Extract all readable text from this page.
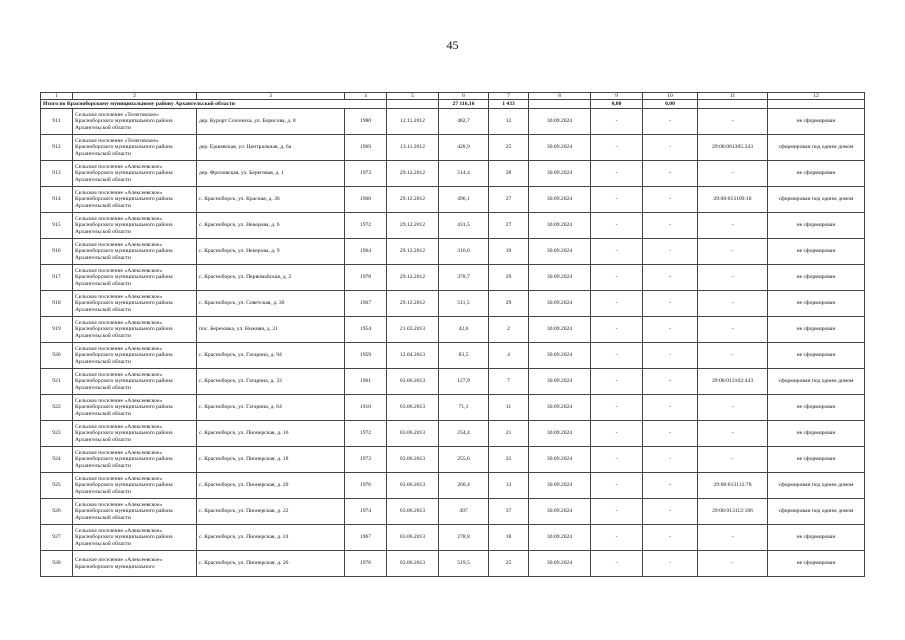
45
1	2	3	4	5	6	7	8	9	10	11	12
Итого по Красноборскому муниципальному району Архангельской области					27 116,16	1 433		0,00	0,00		
911	Сельское поселение «Телеговское» Красноборского муниципального района Архангельской области	дер. Курорт Солониха, ул. Борисова, д. 8	1980	12.11.2012	482,7	12	30.09.2024	-	-	-	не сформирован
912	Сельское поселение «Телеговское» Красноборского муниципального района Архангельской области	дер. Ершевская, ул. Центральная, д. 6а	1969	13.11.2012	428,9	25	30.09.2024	-	-	29:08:081305:243	сформирован под одним домом
913	Сельское поселение «Алексеевское» Красноборского муниципального района Архангельской области	дер. Фроловская, ул. Береговая, д. 1	1973	29.12.2012	514,4	28	30.09.2024	-	-	-	не сформирован
914	Сельское поселение «Алексеевское» Красноборского муниципального района Архангельской области	с. Красноборск, ул. Красная, д. 36	1968	29.12.2012	496,1	27	30.09.2024	-	-	29:08:013109:18	сформирован под одним домом
915	Сельское поселение «Алексеевское» Красноборского муниципального района Архангельской области	с. Красноборск, ул. Некерова, д. 6	1972	29.12.2012	431,5	27	30.09.2024	-	-	-	не сформирован
916	Сельское поселение «Алексеевское» Красноборского муниципального района Архангельской области	с. Красноборск, ул. Некерова, д. 9	1964	29.12.2012	316,6	19	30.09.2024	-	-	-	не сформирован
917	Сельское поселение «Алексеевское» Красноборского муниципального района Архангельской области	с. Красноборск, ул. Первомайская, д. 2	1978	29.12.2012	378,7	29	30.09.2024	-	-	-	не сформирован
918	Сельское поселение «Алексеевское» Красноборского муниципального района Архангельской области	с. Красноборск, ул. Советская, д. 30	1967	29.12.2012	511,5	29	30.09.2024	-	-	-	не сформирован
919	Сельское поселение «Алексеевское» Красноборского муниципального района Архангельской области	пос. Березовка, ул. Нижняя, д. 21	1954	21.03.2013	42,6	2	30.09.2024	-	-	-	не сформирован
920	Сельское поселение «Алексеевское» Красноборского муниципального района Архангельской области	с. Красноборск, ул. Гагарина, д. 94	1959	12.04.2013	83,5	4	30.09.2024	-	-	-	не сформирован
921	Сельское поселение «Алексеевское» Красноборского муниципального района Архангельской области	с. Красноборск, ул. Гагарина, д. 33	1961	03.06.2013	127,9	7	30.09.2024	-	-	29:08:013102:443	сформирован под одним домом
922	Сельское поселение «Алексеевское» Красноборского муниципального района Архангельской области	с. Красноборск, ул. Гагарина, д. 64	1910	03.06.2013	71,1	11	30.09.2024	-	-	-	не сформирован
923	Сельское поселение «Алексеевское» Красноборского муниципального района Архангельской области	с. Красноборск, ул. Пионерская, д. 16	1972	03.06.2013	254,4	21	30.09.2024	-	-	-	не сформирован
924	Сельское поселение «Алексеевское» Красноборского муниципального района Архангельской области	с. Красноборск, ул. Пионерская, д. 18	1973	03.06.2013	255,6	23	30.09.2024	-	-	-	не сформирован
925	Сельское поселение «Алексеевское» Красноборского муниципального района Архангельской области	с. Красноборск, ул. Пионерская, д. 20	1976	03.06.2013	260,4	13	30.09.2024	-	-	29:08:013112:78	сформирован под одним домом
926	Сельское поселение «Алексеевское» Красноборского муниципального района Архангельской области	с. Красноборск, ул. Пионерская, д. 22	1974	03.06.2013	497	37	30.09.2024	-	-	29:08:013112:186	сформирован под одним домом
927	Сельское поселение «Алексеевское» Красноборского муниципального района Архангельской области	с. Красноборск, ул. Пионерская, д. 24	1967	03.06.2013	278,8	18	30.09.2024	-	-	-	не сформирован
928	Сельское поселение «Алексеевское» Красноборского муниципального	с. Красноборск, ул. Пионерская, д. 26	1976	03.06.2013	519,5	25	30.09.2024	-	-	-	не сформирован
